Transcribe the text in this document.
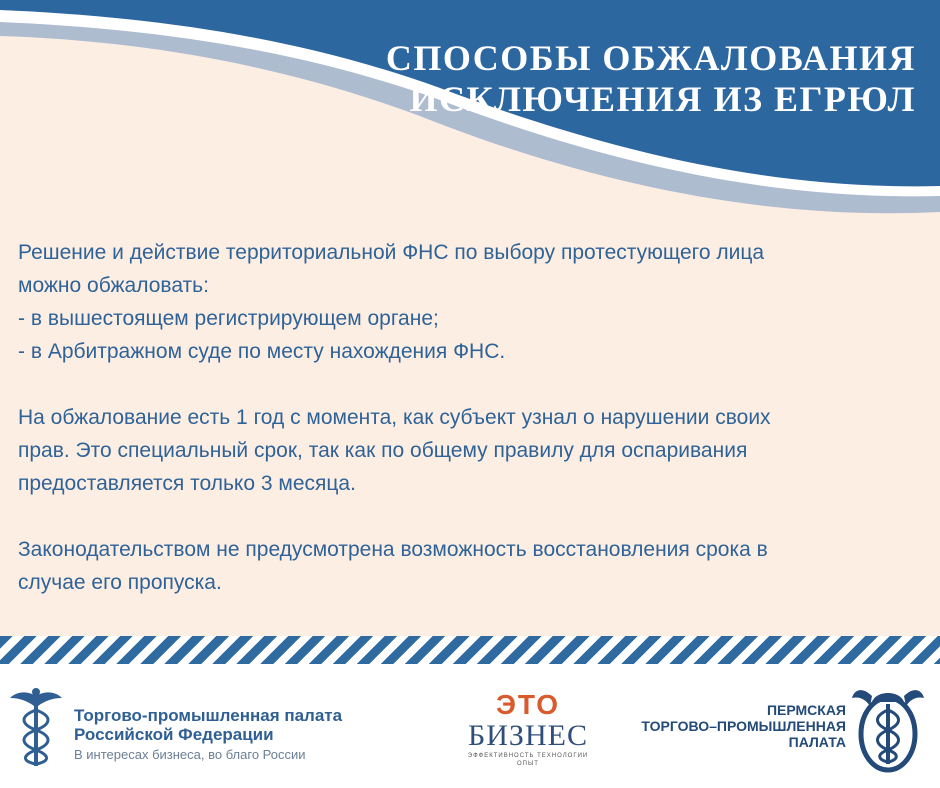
СПОСОБЫ ОБЖАЛОВАНИЯ
ИСКЛЮЧЕНИЯ ИЗ ЕГРЮЛ

Решение и действие территориальной ФНС по выбору протестующего лица
можно обжаловать:
- в вышестоящем регистрирующем органе;
- в Арбитражном суде по месту нахождения ФНС.

На обжалование есть 1 год с момента, как субъект узнал о нарушении своих
прав. Это специальный срок, так как по общему правилу для оспаривания
предоставляется только 3 месяца.

Законодательством не предусмотрена возможность восстановления срока в
случае его пропуска.

Торгово-промышленная палата
Российской Федерации
В интересах бизнеса, во благо России
ЭТО
БИЗНЕС
ЭФФЕКТИВНОСТЬ ТЕХНОЛОГИИ ОПЫТ
ПЕРМСКАЯ
ТОРГОВО–ПРОМЫШЛЕННАЯ
ПАЛАТА
